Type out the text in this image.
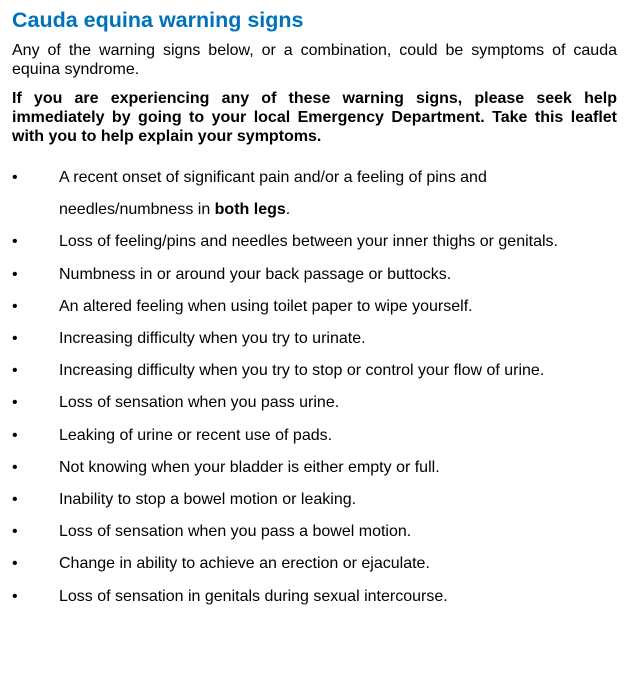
Cauda equina warning signs

Any of the warning signs below, or a combination, could be symptoms of cauda equina syndrome.

If you are experiencing any of these warning signs, please seek help immediately by going to your local Emergency Department. Take this leaflet with you to help explain your symptoms.

•	A recent onset of significant pain and/or a feeling of pins and needles/numbness in both legs.
•	Loss of feeling/pins and needles between your inner thighs or genitals.
•	Numbness in or around your back passage or buttocks.
•	An altered feeling when using toilet paper to wipe yourself.
•	Increasing difficulty when you try to urinate.
•	Increasing difficulty when you try to stop or control your flow of urine.
•	Loss of sensation when you pass urine.
•	Leaking of urine or recent use of pads.
•	Not knowing when your bladder is either empty or full.
•	Inability to stop a bowel motion or leaking.
•	Loss of sensation when you pass a bowel motion.
•	Change in ability to achieve an erection or ejaculate.
•	Loss of sensation in genitals during sexual intercourse.
